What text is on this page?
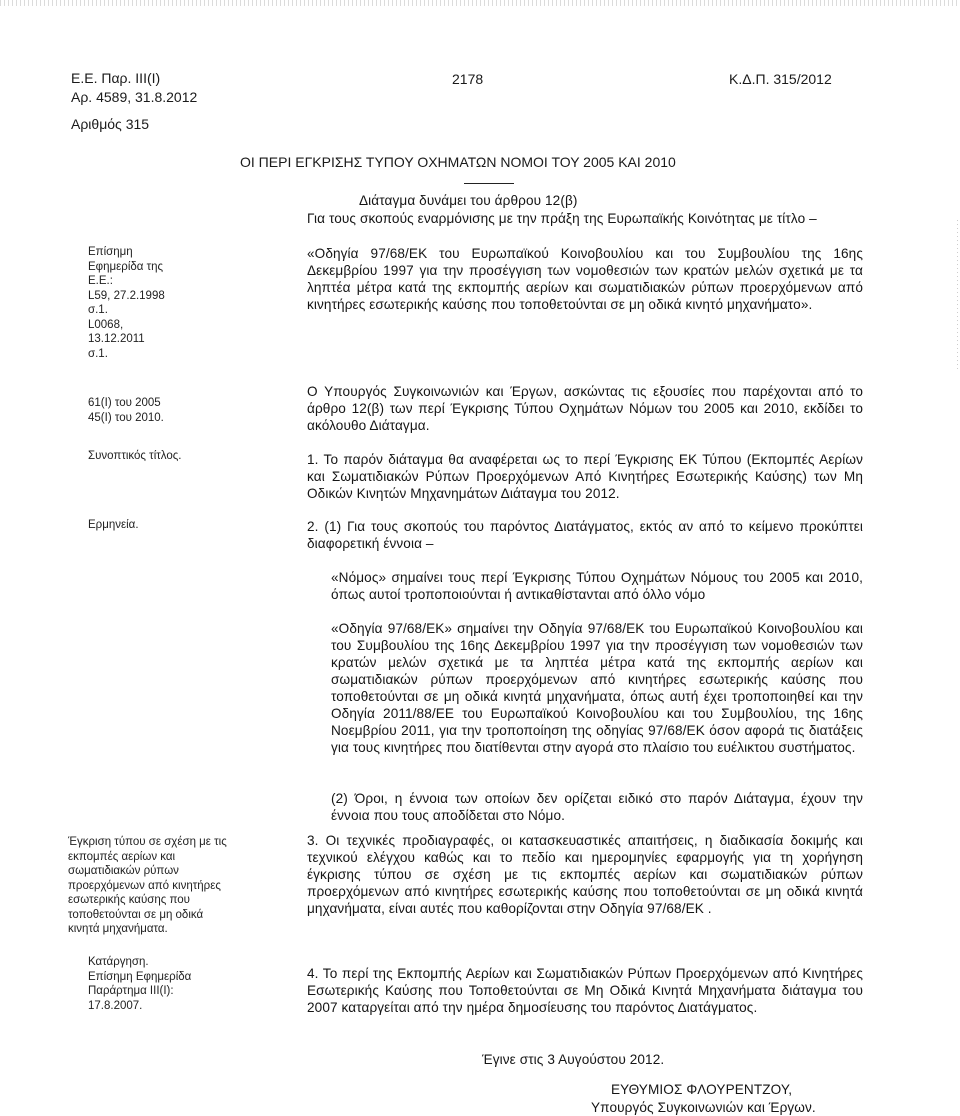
Ε.Ε. Παρ. ΙΙΙ(Ι)
Αρ. 4589, 31.8.2012
Αριθμός 315
2178	Κ.Δ.Π. 315/2012
ΟΙ ΠΕΡΙ ΕΓΚΡΙΣΗΣ ΤΥΠΟΥ ΟΧΗΜΑΤΩΝ ΝΟΜΟΙ ΤΟΥ 2005 ΚΑΙ 2010
Διάταγμα δυνάμει του άρθρου 12(β)
Για τους σκοπούς εναρμόνισης με την πράξη της Ευρωπαϊκής Κοινότητας με τίτλο –
Επίσημη
Εφημερίδα της
Ε.Ε.:
L59, 27.2.1998
σ.1.
L0068,
13.12.2011
σ.1.
61(Ι) του 2005
45(Ι) του 2010.
Συνοπτικός τίτλος.
Ερμηνεία.
Έγκριση τύπου σε σχέση με τις
εκπομπές αερίων και
σωματιδιακών ρύπων
προερχόμενων από κινητήρες
εσωτερικής καύσης που
τοποθετούνται σε μη οδικά
κινητά μηχανήματα.
Κατάργηση.
Επίσημη Εφημερίδα
Παράρτημα ΙΙΙ(Ι):
17.8.2007.
«Οδηγία 97/68/ΕΚ του Ευρωπαϊκού Κοινοβουλίου και του Συμβουλίου της 16ης Δεκεμβρίου 1997 για την προσέγγιση των νομοθεσιών των κρατών μελών σχετικά με τα ληπτέα μέτρα κατά της εκπομπής αερίων και σωματιδιακών ρύπων προερχόμενων από κινητήρες εσωτερικής καύσης που τοποθετούνται σε μη οδικά κινητό μηχανήματο».
Ο Υπουργός Συγκοινωνιών και Έργων, ασκώντας τις εξουσίες που παρέχονται από το άρθρο 12(β) των περί Έγκρισης Τύπου Οχημάτων Νόμων του 2005 και 2010, εκδίδει το ακόλουθο Διάταγμα.
1. Το παρόν διάταγμα θα αναφέρεται ως το περί Έγκρισης ΕΚ Τύπου (Εκπομπές Αερίων και Σωματιδιακών Ρύπων Προερχόμενων Από Κινητήρες Εσωτερικής Καύσης) των Μη Οδικών Κινητών Μηχανημάτων Διάταγμα του 2012.
2. (1) Για τους σκοπούς του παρόντος Διατάγματος, εκτός αν από το κείμενο προκύπτει διαφορετική έννοια –
«Νόμος» σημαίνει τους περί Έγκρισης Τύπου Οχημάτων Νόμους του 2005 και 2010, όπως αυτοί τροποποιούνται ή αντικαθίστανται από όλλο νόμο
«Οδηγία 97/68/ΕΚ» σημαίνει την Οδηγία 97/68/ΕΚ του Ευρωπαϊκού Κοινοβουλίου και του Συμβουλίου της 16ης Δεκεμβρίου 1997 για την προσέγγιση των νομοθεσιών των κρατών μελών σχετικά με τα ληπτέα μέτρα κατά της εκπομπής αερίων και σωματιδιακών ρύπων προερχόμενων από κινητήρες εσωτερικής καύσης που τοποθετούνται σε μη οδικά κινητά μηχανήματα, όπως αυτή έχει τροποποιηθεί και την Οδηγία 2011/88/ΕΕ του Ευρωπαϊκού Κοινοβουλίου και του Συμβουλίου, της 16ης Νοεμβρίου 2011, για την τροποποίηση της οδηγίας 97/68/ΕΚ όσον αφορά τις διατάξεις για τους κινητήρες που διατίθενται στην αγορά στο πλαίσιο του ευέλικτου συστήματος.
(2) Όροι, η έννοια των οποίων δεν ορίζεται ειδικό στο παρόν Διάταγμα, έχουν την έννοια που τους αποδίδεται στο Νόμο.
3. Οι τεχνικές προδιαγραφές, οι κατασκευαστικές απαιτήσεις, η διαδικασία δοκιμής και τεχνικού ελέγχου καθώς και το πεδίο και ημερομηνίες εφαρμογής για τη χορήγηση έγκρισης τύπου σε σχέση με τις εκπομπές αερίων και σωματιδιακών ρύπων προερχόμενων από κινητήρες εσωτερικής καύσης που τοποθετούνται σε μη οδικά κινητά μηχανήματα, είναι αυτές που καθορίζονται στην Οδηγία 97/68/ΕΚ .
4. Το περί της Εκπομπής Αερίων και Σωματιδιακών Ρύπων Προερχόμενων από Κινητήρες Εσωτερικής Καύσης που Τοποθετούνται σε Μη Οδικά Κινητά Μηχανήματα διάταγμα του 2007 καταργείται από την ημέρα δημοσίευσης του παρόντος Διατάγματος.
Έγινε στις 3 Αυγούστου 2012.
ΕΥΘΥΜΙΟΣ ΦΛΟΥΡΕΝΤΖΟΥ,
Υπουργός Συγκοινωνιών και Έργων.
